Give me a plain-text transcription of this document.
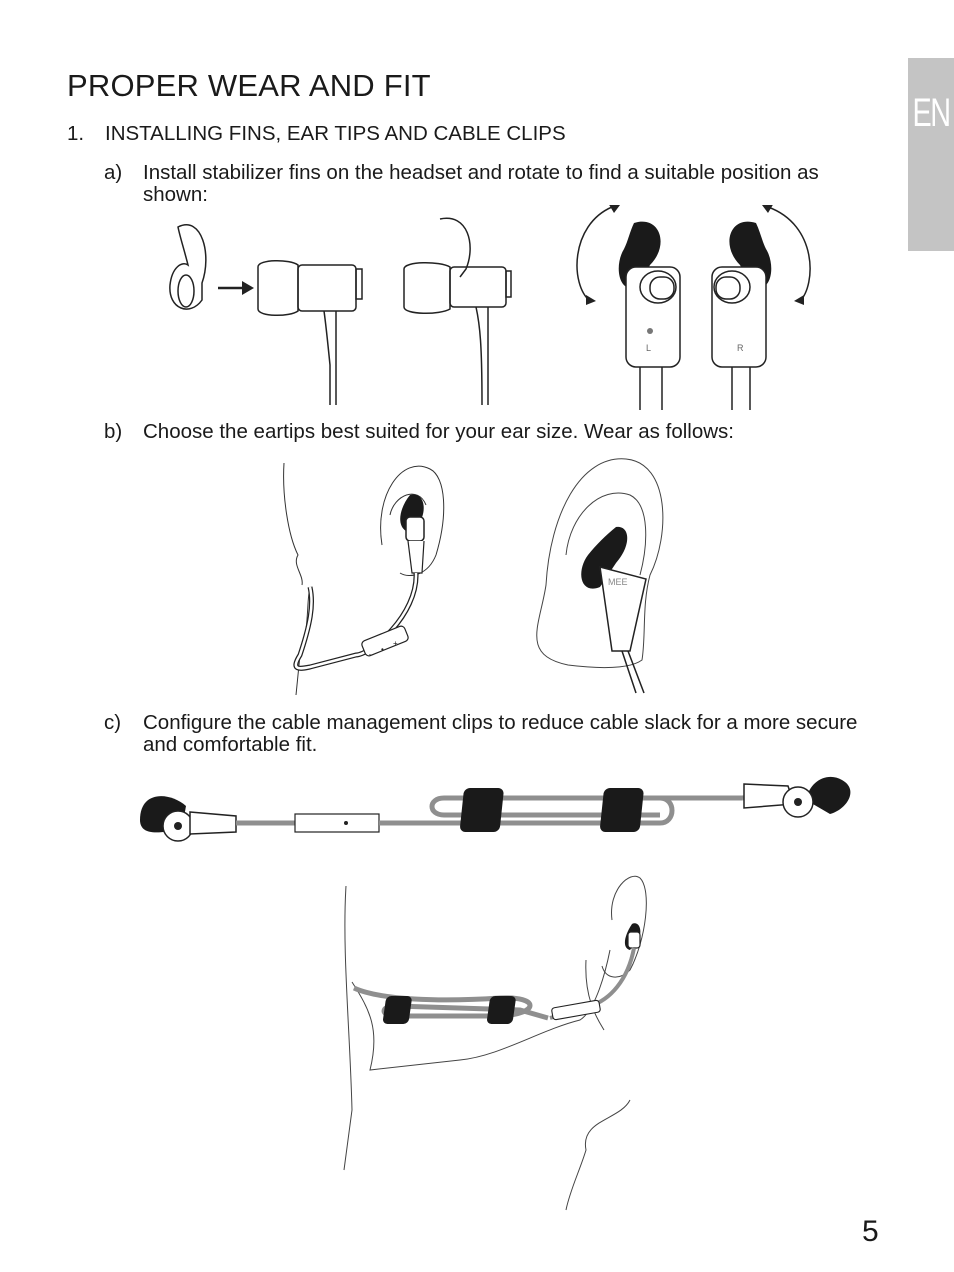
PROPER WEAR AND FIT
EN
1. INSTALLING FINS, EAR TIPS AND CABLE CLIPS
a) Install stabilizer fins on the headset and rotate to find a suitable position as shown:
L	R
b) Choose the eartips best suited for your ear size. Wear as follows:
–
•
+
MEE
c) Configure the cable management clips to reduce cable slack for a more secure and comfortable fit.
5
